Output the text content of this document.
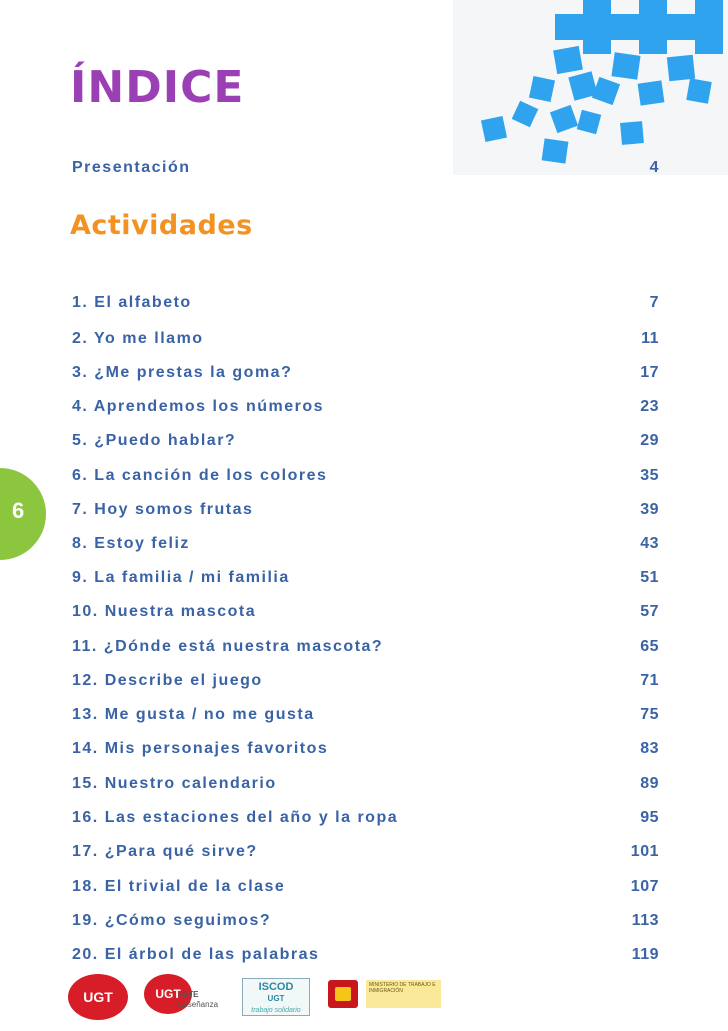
ÍNDICE
Presentación	4
Actividades
1. El alfabeto	7
2. Yo me llamo	11
3. ¿Me prestas la goma?	17
4. Aprendemos los números	23
5. ¿Puedo hablar?	29
6. La canción de los colores	35
7. Hoy somos frutas	39
8. Estoy feliz	43
9. La familia / mi familia	51
10. Nuestra mascota	57
11. ¿Dónde está nuestra mascota?	65
12. Describe el juego	71
13. Me gusta / no me gusta	75
14. Mis personajes favoritos	83
15. Nuestro calendario	89
16. Las estaciones del año y la ropa	95
17. ¿Para qué sirve?	101
18. El trivial de la clase	107
19. ¿Cómo seguimos?	113
20. El árbol de las palabras	119
6
UGT	UGT
FETE
Enseñanza
ISCOD
UGT
trabajo solidario
MINISTERIO DE TRABAJO E INMIGRACIÓN
